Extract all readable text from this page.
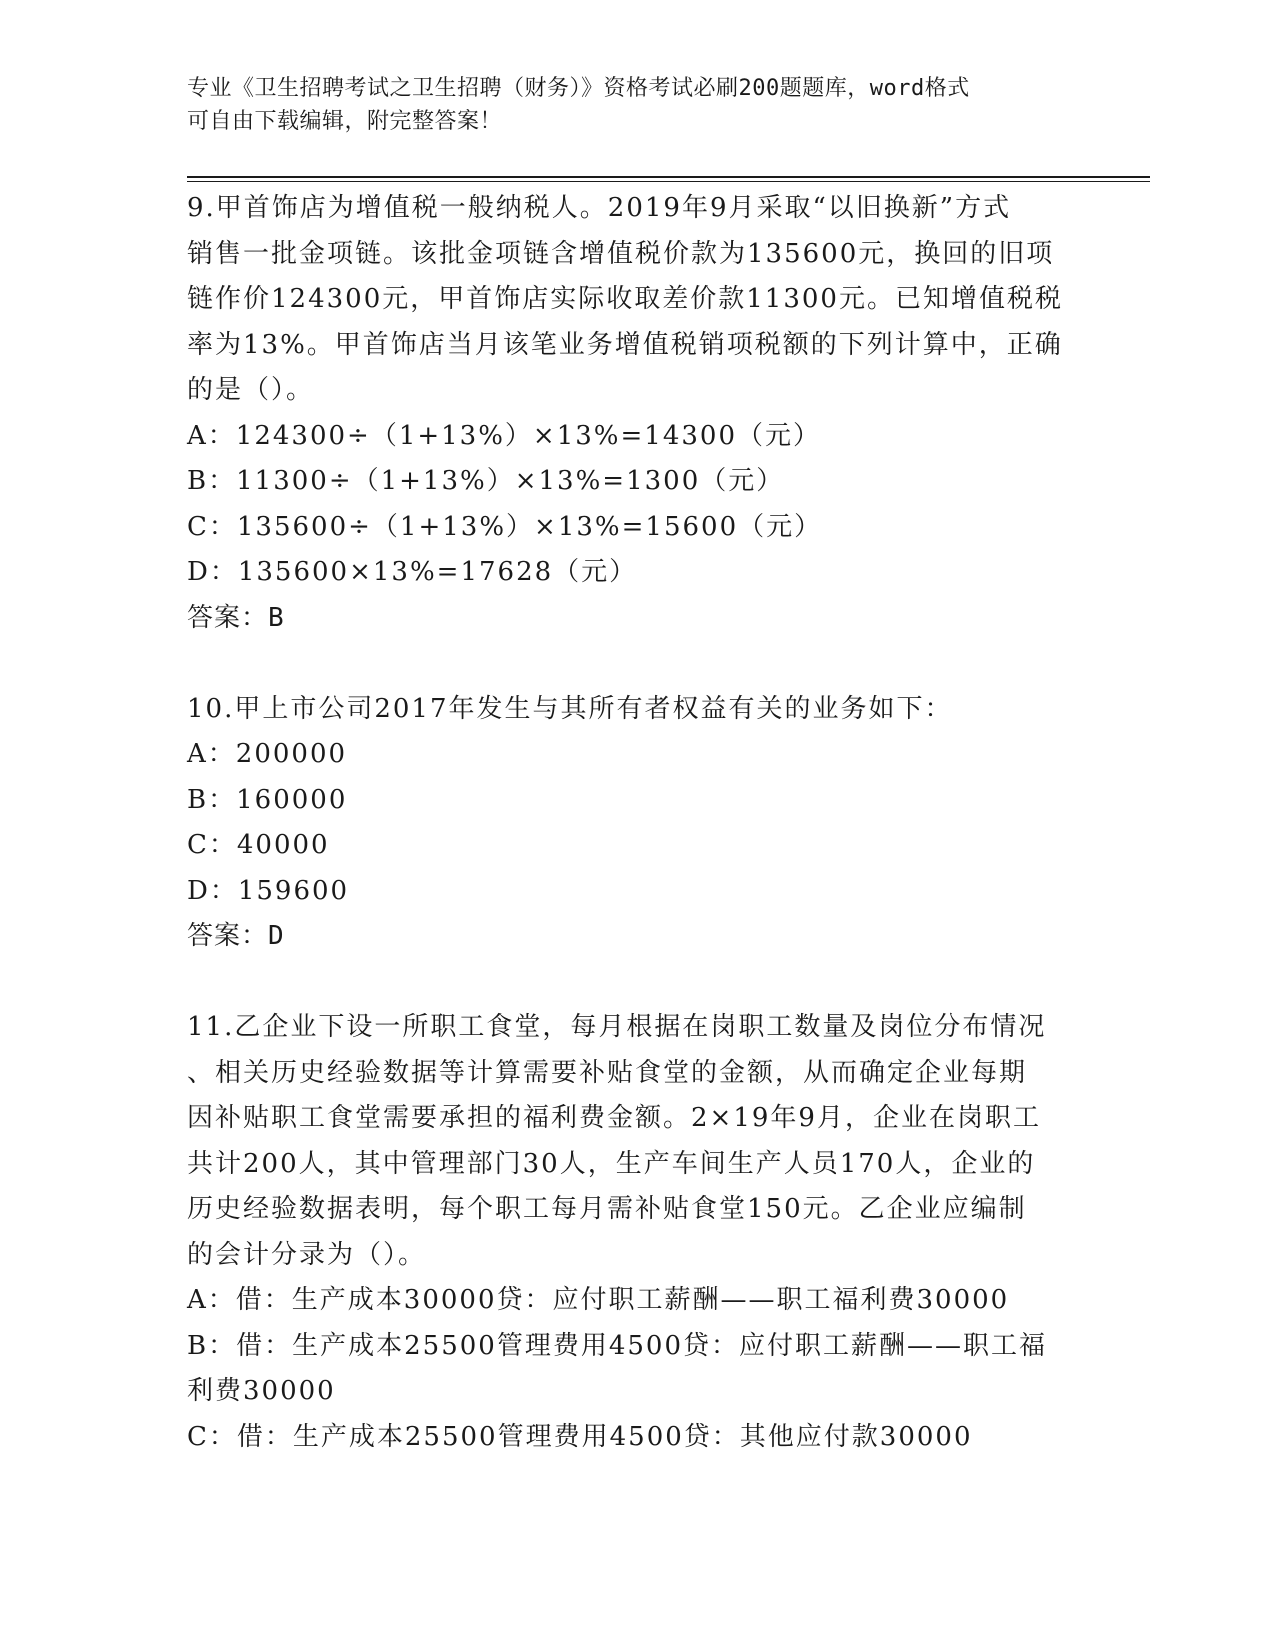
专业《卫生招聘考试之卫生招聘（财务）》资格考试必刷200题题库，word格式
可自由下载编辑，附完整答案！
9.甲首饰店为增值税一般纳税人。2019年9月采取“以旧换新”方式
销售一批金项链。该批金项链含增值税价款为135600元，换回的旧项
链作价124300元，甲首饰店实际收取差价款11300元。已知增值税税
率为13%。甲首饰店当月该笔业务增值税销项税额的下列计算中，正确
的是（）。
A：124300÷（1+13%）×13%=14300（元）
B：11300÷（1+13%）×13%=1300（元）
C：135600÷（1+13%）×13%=15600（元）
D：135600×13%=17628（元）
答案：B
10.甲上市公司2017年发生与其所有者权益有关的业务如下：
A：200000
B：160000
C：40000
D：159600
答案：D
11.乙企业下设一所职工食堂，每月根据在岗职工数量及岗位分布情况
、相关历史经验数据等计算需要补贴食堂的金额，从而确定企业每期
因补贴职工食堂需要承担的福利费金额。2×19年9月，企业在岗职工
共计200人，其中管理部门30人，生产车间生产人员170人，企业的
历史经验数据表明，每个职工每月需补贴食堂150元。乙企业应编制
的会计分录为（）。
A：借：生产成本30000贷：应付职工薪酬——职工福利费30000
B：借：生产成本25500管理费用4500贷：应付职工薪酬——职工福
利费30000
C：借：生产成本25500管理费用4500贷：其他应付款30000
